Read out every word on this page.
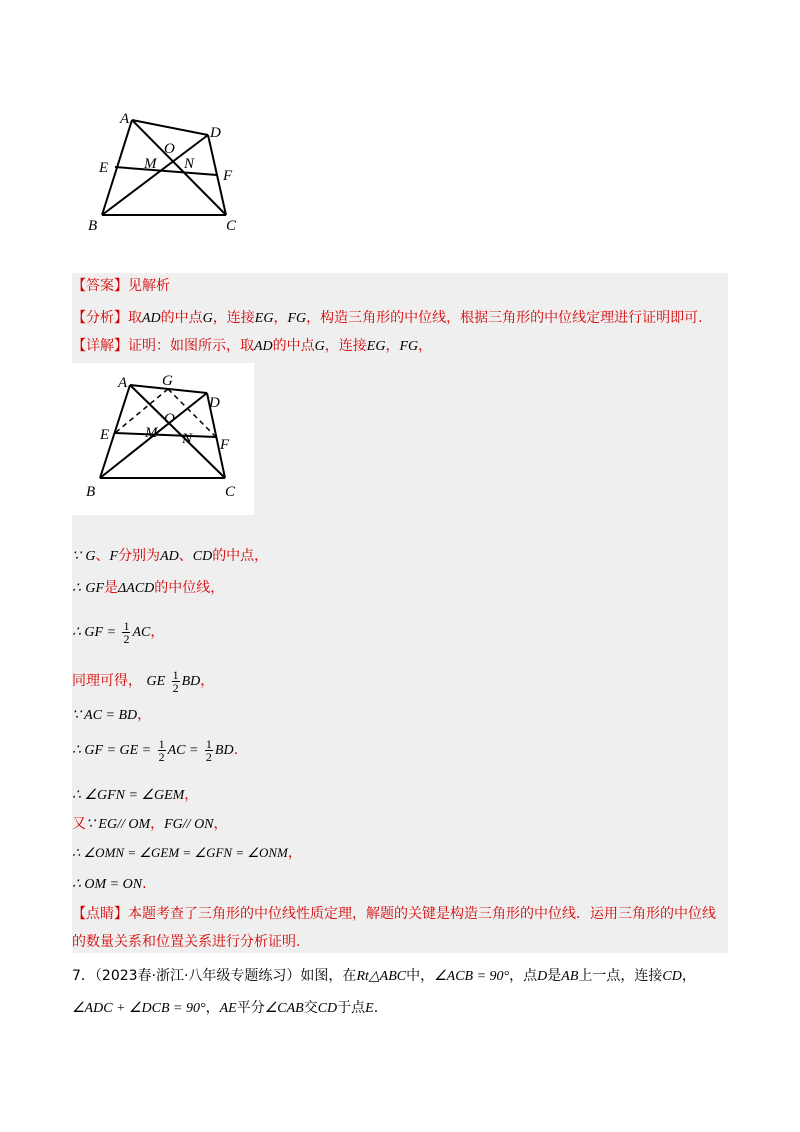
A
D
O
E M N
F
B	C
【答案】见解析
【分析】取AD的中点G，连接EG，FG，构造三角形的中位线，根据三角形的中位线定理进行证明即可.
【详解】证明：如图所示，取AD的中点G，连接EG，FG，
A G
D
O
E M N F
B	C
∵ G、F分别为AD、CD的中点，
∴ GF是ΔACD的中位线，
∴ GF = $\frac{1}{2}$ AC，
同理可得， GE $\frac{1}{2}$ BD，
∵ AC = BD，
∴ GF = GE = $\frac{1}{2}$ AC = $\frac{1}{2}$ BD.
∴ ∠GFN = ∠GEM，
又∵ EG// OM，FG// ON，
∴ ∠OMN = ∠GEM = ∠GFN = ∠ONM，
∴ OM = ON.
【点睛】本题考查了三角形的中位线性质定理，解题的关键是构造三角形的中位线．运用三角形的中位线
的数量关系和位置关系进行分析证明.
7．（2023春·浙江·八年级专题练习）如图，在Rt△ABC中，∠ACB = 90°，点D是AB上一点，连接CD，
∠ADC + ∠DCB = 90°，AE平分∠CAB交CD于点E.
